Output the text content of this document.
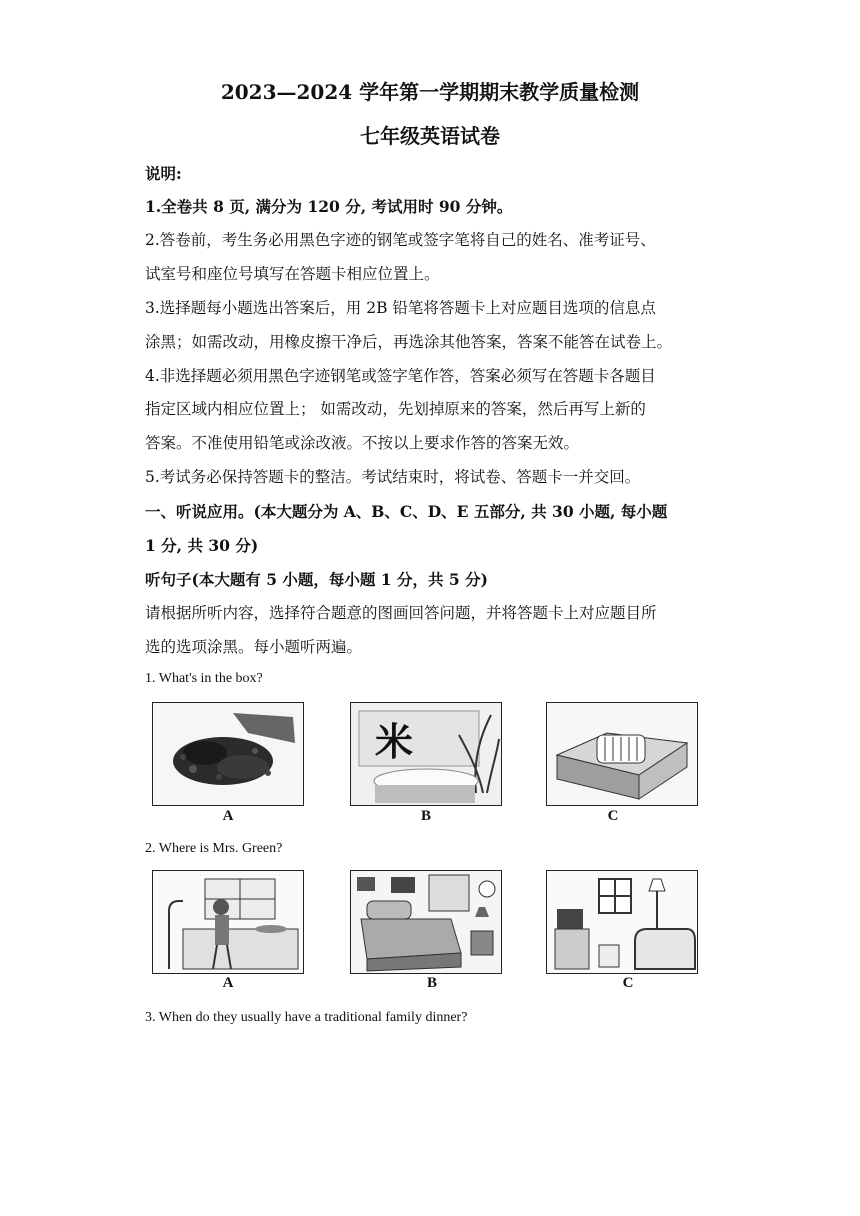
2023—2024 学年第一学期期末教学质量检测
七年级英语试卷
说明:
1.全卷共 8 页, 满分为 120 分, 考试用时 90 分钟。
2.答卷前，考生务必用黑色字迹的钢笔或签字笔将自己的姓名、准考证号、
试室号和座位号填写在答题卡相应位置上。
3.选择题每小题选出答案后，用 2B 铅笔将答题卡上对应题目选项的信息点
涂黑；如需改动，用橡皮擦干净后，再选涂其他答案，答案不能答在试卷上。
4.非选择题必须用黑色字迹钢笔或签字笔作答，答案必须写在答题卡各题目
指定区域内相应位置上； 如需改动，先划掉原来的答案，然后再写上新的
答案。不准使用铅笔或涂改液。不按以上要求作答的答案无效。
5.考试务必保持答题卡的整洁。考试结束时，将试卷、答题卡一并交回。
一、听说应用。(本大题分为 A、B、C、D、E 五部分, 共 30 小题, 每小题
1 分, 共 30 分)
听句子(本大题有 5 小题，每小题 1 分，共 5 分)
请根据所听内容，选择符合题意的图画回答问题，并将答题卡上对应题目所
选的选项涂黑。每小题听两遍。
1. What's in the box?
米
A	B	C
2. Where is Mrs. Green?
A	B	C
3. When do they usually have a traditional family dinner?
